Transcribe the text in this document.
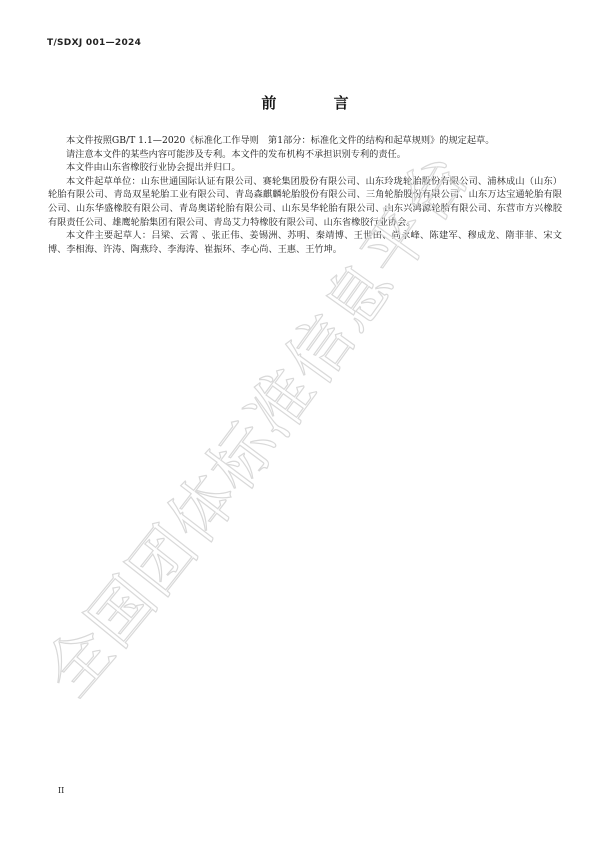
T/SDXJ 001—2024
前 言

本文件按照GB/T 1.1—2020《标准化工作导则　第1部分：标准化文件的结构和起草规则》的规定起草。

请注意本文件的某些内容可能涉及专利。本文件的发布机构不承担识别专利的责任。

本文件由山东省橡胶行业协会提出并归口。

本文件起草单位：山东世通国际认证有限公司、赛轮集团股份有限公司、山东玲珑轮胎股份有限公司、浦林成山（山东）轮胎有限公司、青岛双星轮胎工业有限公司、青岛森麒麟轮胎股份有限公司、三角轮胎股份有限公司、山东万达宝通轮胎有限公司、山东华盛橡胶有限公司、青岛奥诺轮胎有限公司、山东昊华轮胎有限公司、山东兴鸿源轮胎有限公司、东营市方兴橡胶有限责任公司、雄鹰轮胎集团有限公司、青岛艾力特橡胶有限公司、山东省橡胶行业协会。

本文件主要起草人：吕梁、云霄 、张正伟、姜锡洲、苏明、秦靖博、王世田、尚永峰、陈建军、穆成龙、隋菲菲、宋文博、李相海、许涛、陶燕玲、李海涛、崔振环、李心尚、王惠、王竹坤。

全国团体标准信息平台
II
